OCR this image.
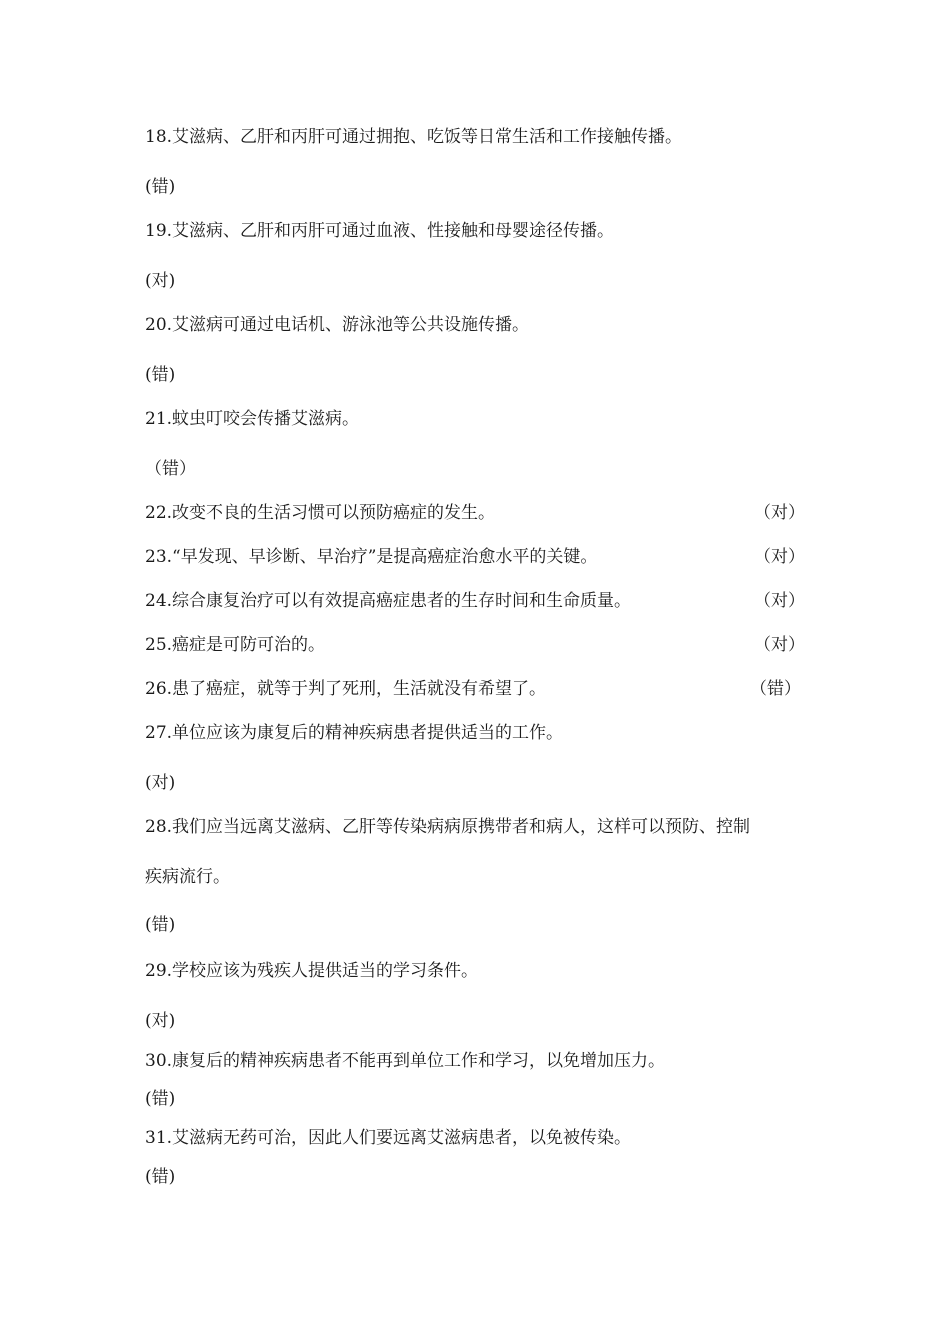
18.艾滋病、乙肝和丙肝可通过拥抱、吃饭等日常生活和工作接触传播。
(错)
19.艾滋病、乙肝和丙肝可通过血液、性接触和母婴途径传播。
(对)
20.艾滋病可通过电话机、游泳池等公共设施传播。
(错)
21.蚊虫叮咬会传播艾滋病。
（错）
22.改变不良的生活习惯可以预防癌症的发生。	（对）
23.“早发现、早诊断、早治疗”是提高癌症治愈水平的关键。	（对）
24.综合康复治疗可以有效提高癌症患者的生存时间和生命质量。	（对）
25.癌症是可防可治的。	（对）
26.患了癌症，就等于判了死刑，生活就没有希望了。	（错）
27.单位应该为康复后的精神疾病患者提供适当的工作。
(对)
28.我们应当远离艾滋病、乙肝等传染病病原携带者和病人，这样可以预防、控制
疾病流行。
(错)
29.学校应该为残疾人提供适当的学习条件。
(对)
30.康复后的精神疾病患者不能再到单位工作和学习，以免增加压力。
(错)
31.艾滋病无药可治，因此人们要远离艾滋病患者，以免被传染。
(错)
